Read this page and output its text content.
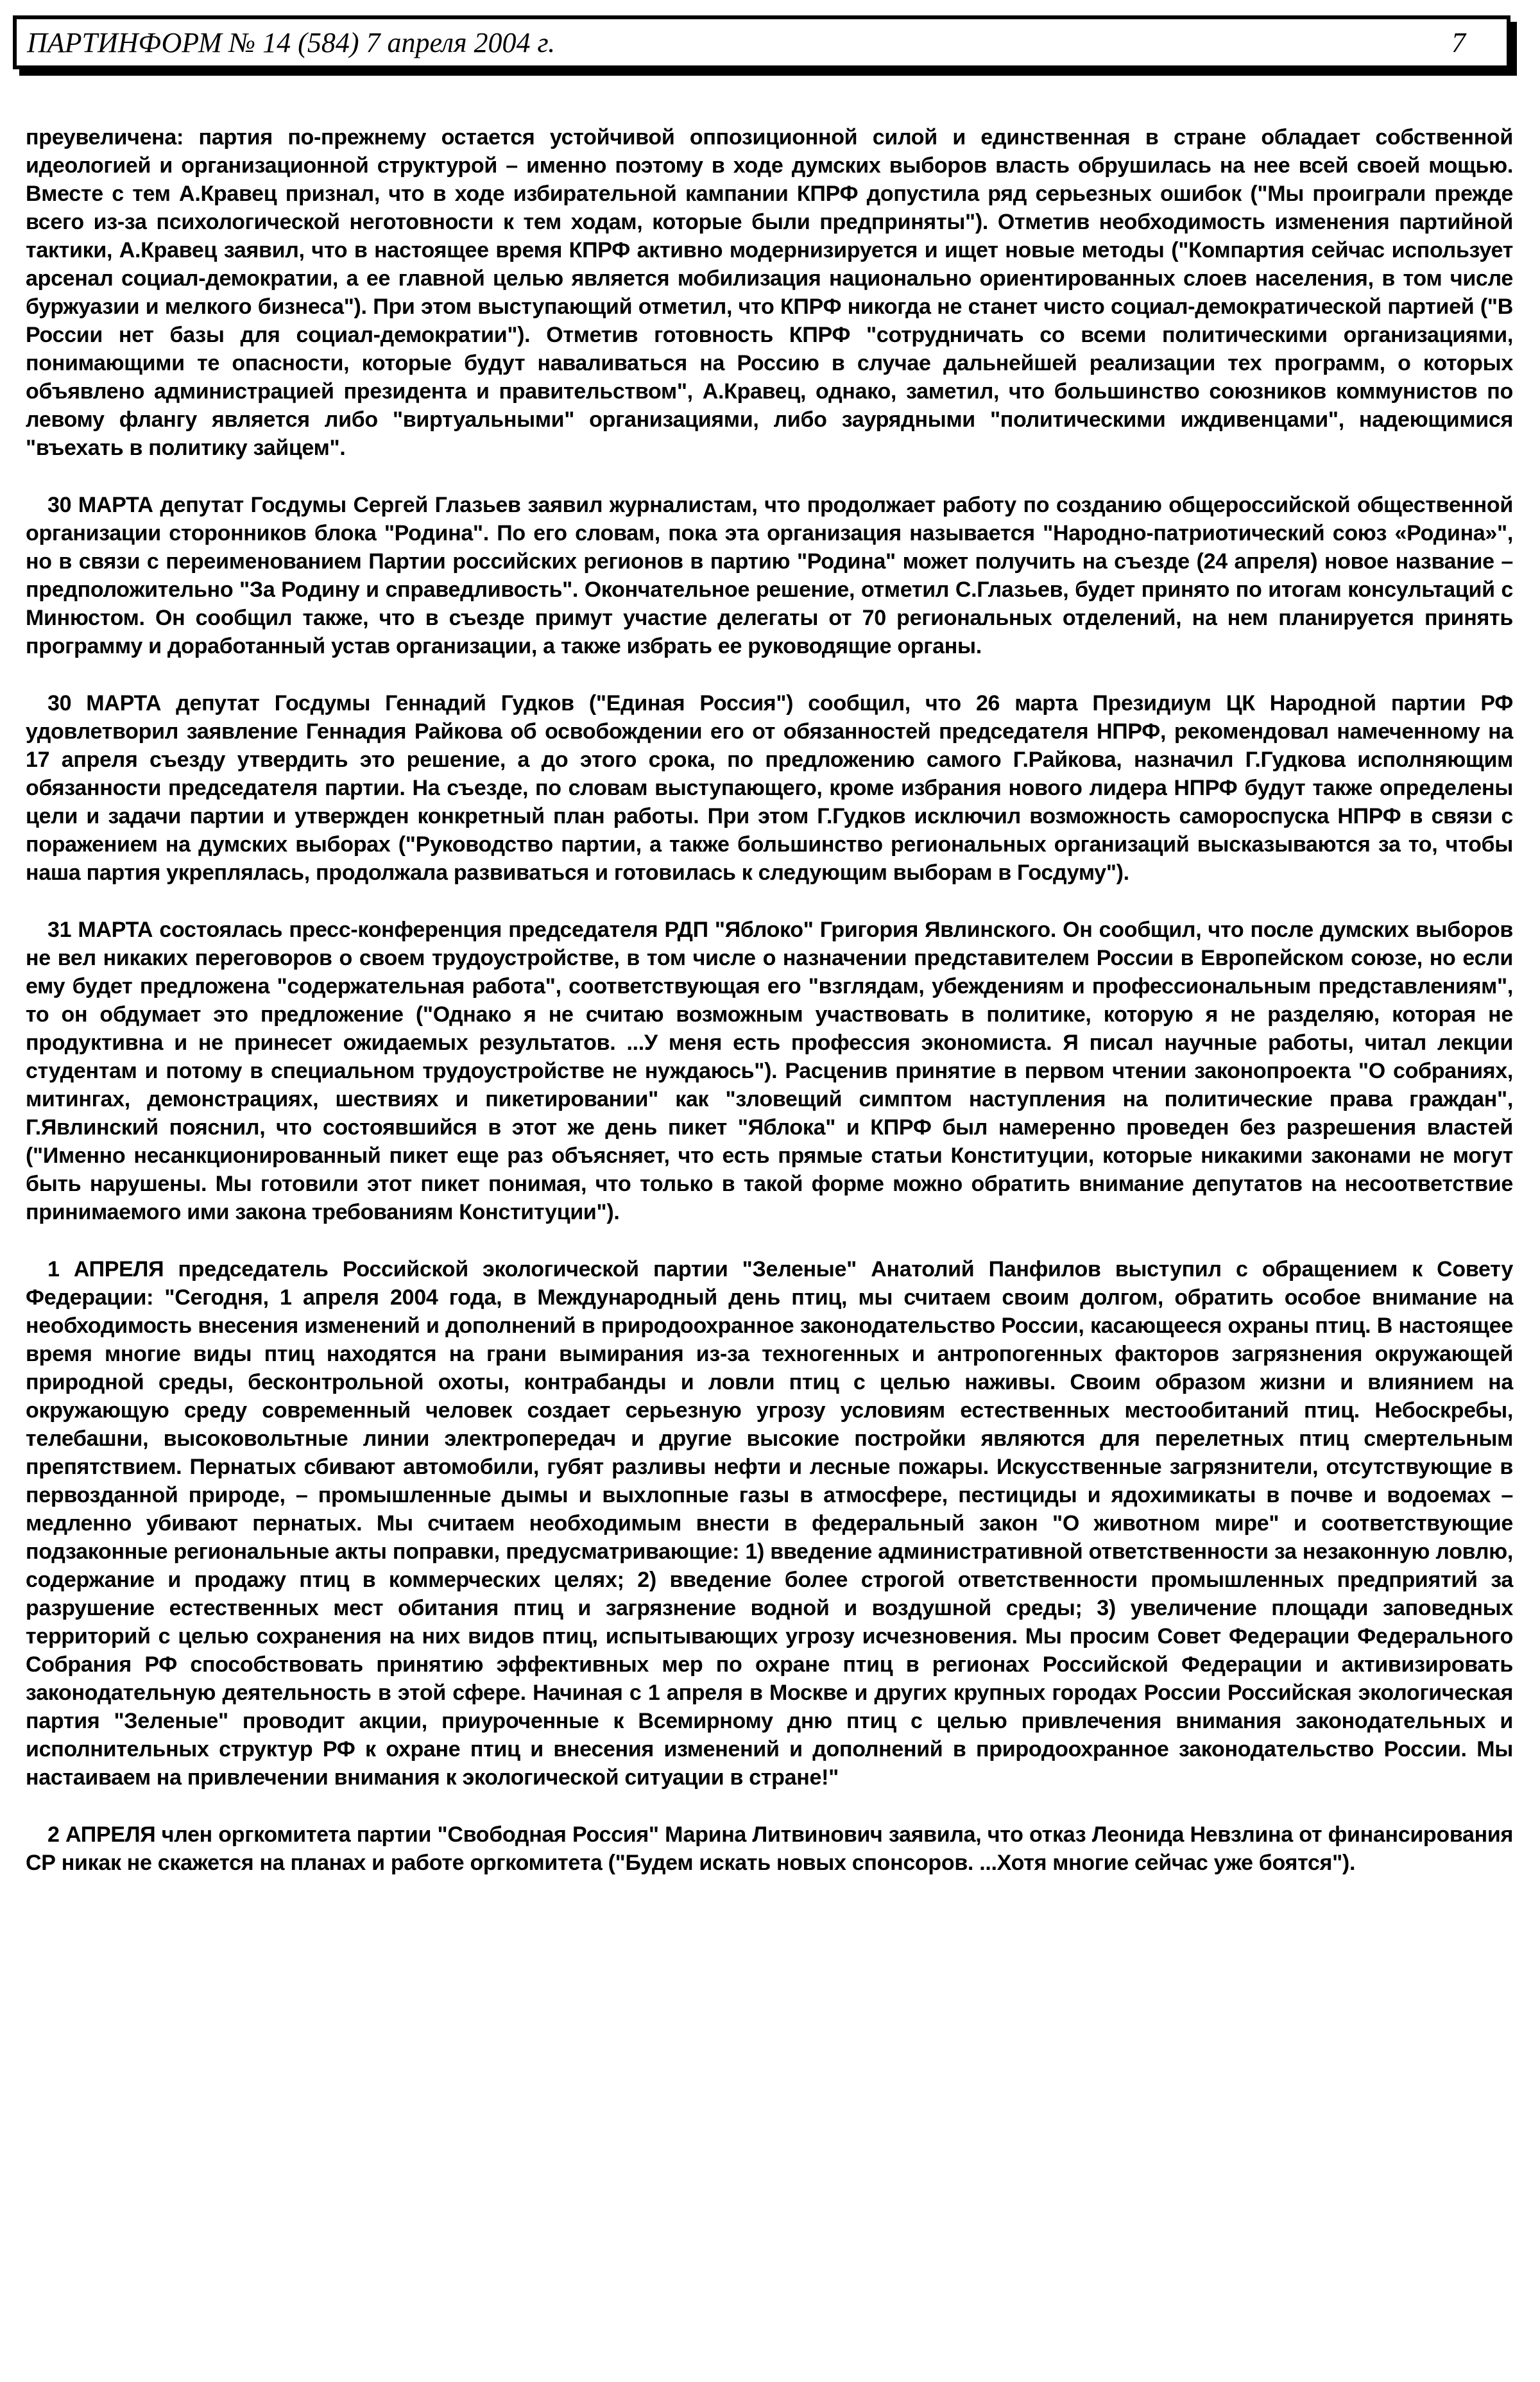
ПАРТИНФОРМ № 14 (584) 7 апреля 2004 г.	7

преувеличена: партия по-прежнему остается устойчивой оппозиционной силой и единственная в стране обладает собственной идеологией и организационной структурой – именно поэтому в ходе думских выборов власть обрушилась на нее всей своей мощью. Вместе с тем А.Кравец признал, что в ходе избирательной кампании КПРФ допустила ряд серьезных ошибок ("Мы проиграли прежде всего из-за психологической неготовности к тем ходам, которые были предприняты"). Отметив необходимость изменения партийной тактики, А.Кравец заявил, что в настоящее время КПРФ активно модернизируется и ищет новые методы ("Компартия сейчас использует арсенал социал-демократии, а ее главной целью является мобилизация национально ориентированных слоев населения, в том числе буржуазии и мелкого бизнеса"). При этом выступающий отметил, что КПРФ никогда не станет чисто социал-демократической партией ("В России нет базы для социал-демократии"). Отметив готовность КПРФ "сотрудничать со всеми политическими организациями, понимающими те опасности, которые будут наваливаться на Россию в случае дальнейшей реализации тех программ, о которых объявлено администрацией президента и правительством", А.Кравец, однако, заметил, что большинство союзников коммунистов по левому флангу является либо "виртуальными" организациями, либо заурядными "политическими иждивенцами", надеющимися "въехать в политику зайцем".

30 МАРТА депутат Госдумы Сергей Глазьев заявил журналистам, что продолжает работу по созданию общероссийской общественной организации сторонников блока "Родина". По его словам, пока эта организация называется "Народно-патриотический союз «Родина»", но в связи с переименованием Партии российских регионов в партию "Родина" может получить на съезде (24 апреля) новое название – предположительно "За Родину и справедливость". Окончательное решение, отметил С.Глазьев, будет принято по итогам консультаций с Минюстом. Он сообщил также, что в съезде примут участие делегаты от 70 региональных отделений, на нем планируется принять программу и доработанный устав организации, а также избрать ее руководящие органы.

30 МАРТА депутат Госдумы Геннадий Гудков ("Единая Россия") сообщил, что 26 марта Президиум ЦК Народной партии РФ удовлетворил заявление Геннадия Райкова об освобождении его от обязанностей председателя НПРФ, рекомендовал намеченному на 17 апреля съезду утвердить это решение, а до этого срока, по предложению самого Г.Райкова, назначил Г.Гудкова исполняющим обязанности председателя партии. На съезде, по словам выступающего, кроме избрания нового лидера НПРФ будут также определены цели и задачи партии и утвержден конкретный план работы. При этом Г.Гудков исключил возможность самороспуска НПРФ в связи с поражением на думских выборах ("Руководство партии, а также большинство региональных организаций высказываются за то, чтобы наша партия укреплялась, продолжала развиваться и готовилась к следующим выборам в Госдуму").

31 МАРТА состоялась пресс-конференция председателя РДП "Яблоко" Григория Явлинского. Он сообщил, что после думских выборов не вел никаких переговоров о своем трудоустройстве, в том числе о назначении представителем России в Европейском союзе, но если ему будет предложена "содержательная работа", соответствующая его "взглядам, убеждениям и профессиональным представлениям", то он обдумает это предложение ("Однако я не считаю возможным участвовать в политике, которую я не разделяю, которая не продуктивна и не принесет ожидаемых результатов. ...У меня есть профессия экономиста. Я писал научные работы, читал лекции студентам и потому в специальном трудоустройстве не нуждаюсь"). Расценив принятие в первом чтении законопроекта "О собраниях, митингах, демонстрациях, шествиях и пикетировании" как "зловещий симптом наступления на политические права граждан", Г.Явлинский пояснил, что состоявшийся в этот же день пикет "Яблока" и КПРФ был намеренно проведен без разрешения властей ("Именно несанкционированный пикет еще раз объясняет, что есть прямые статьи Конституции, которые никакими законами не могут быть нарушены. Мы готовили этот пикет понимая, что только в такой форме можно обратить внимание депутатов на несоответствие принимаемого ими закона требованиям Конституции").

1 АПРЕЛЯ председатель Российской экологической партии "Зеленые" Анатолий Панфилов выступил с обращением к Совету Федерации: "Сегодня, 1 апреля 2004 года, в Международный день птиц, мы считаем своим долгом, обратить особое внимание на необходимость внесения изменений и дополнений в природоохранное законодательство России, касающееся охраны птиц. В настоящее время многие виды птиц находятся на грани вымирания из-за техногенных и антропогенных факторов загрязнения окружающей природной среды, бесконтрольной охоты, контрабанды и ловли птиц с целью наживы. Своим образом жизни и влиянием на окружающую среду современный человек создает серьезную угрозу условиям естественных местообитаний птиц. Небоскребы, телебашни, высоковольтные линии электропередач и другие высокие постройки являются для перелетных птиц смертельным препятствием. Пернатых сбивают автомобили, губят разливы нефти и лесные пожары. Искусственные загрязнители, отсутствующие в первозданной природе, – промышленные дымы и выхлопные газы в атмосфере, пестициды и ядохимикаты в почве и водоемах – медленно убивают пернатых. Мы считаем необходимым внести в федеральный закон "О животном мире" и соответствующие подзаконные региональные акты поправки, предусматривающие: 1) введение административной ответственности за незаконную ловлю, содержание и продажу птиц в коммерческих целях; 2) введение более строгой ответственности промышленных предприятий за разрушение естественных мест обитания птиц и загрязнение водной и воздушной среды; 3) увеличение площади заповедных территорий с целью сохранения на них видов птиц, испытывающих угрозу исчезновения. Мы просим Совет Федерации Федерального Собрания РФ способствовать принятию эффективных мер по охране птиц в регионах Российской Федерации и активизировать законодательную деятельность в этой сфере. Начиная с 1 апреля в Москве и других крупных городах России Российская экологическая партия "Зеленые" проводит акции, приуроченные к Всемирному дню птиц с целью привлечения внимания законодательных и исполнительных структур РФ к охране птиц и внесения изменений и дополнений в природоохранное законодательство России. Мы настаиваем на привлечении внимания к экологической ситуации в стране!"

2 АПРЕЛЯ член оргкомитета партии "Свободная Россия" Марина Литвинович заявила, что отказ Леонида Невзлина от финансирования СР никак не скажется на планах и работе оргкомитета ("Будем искать новых спонсоров. ...Хотя многие сейчас уже боятся").
